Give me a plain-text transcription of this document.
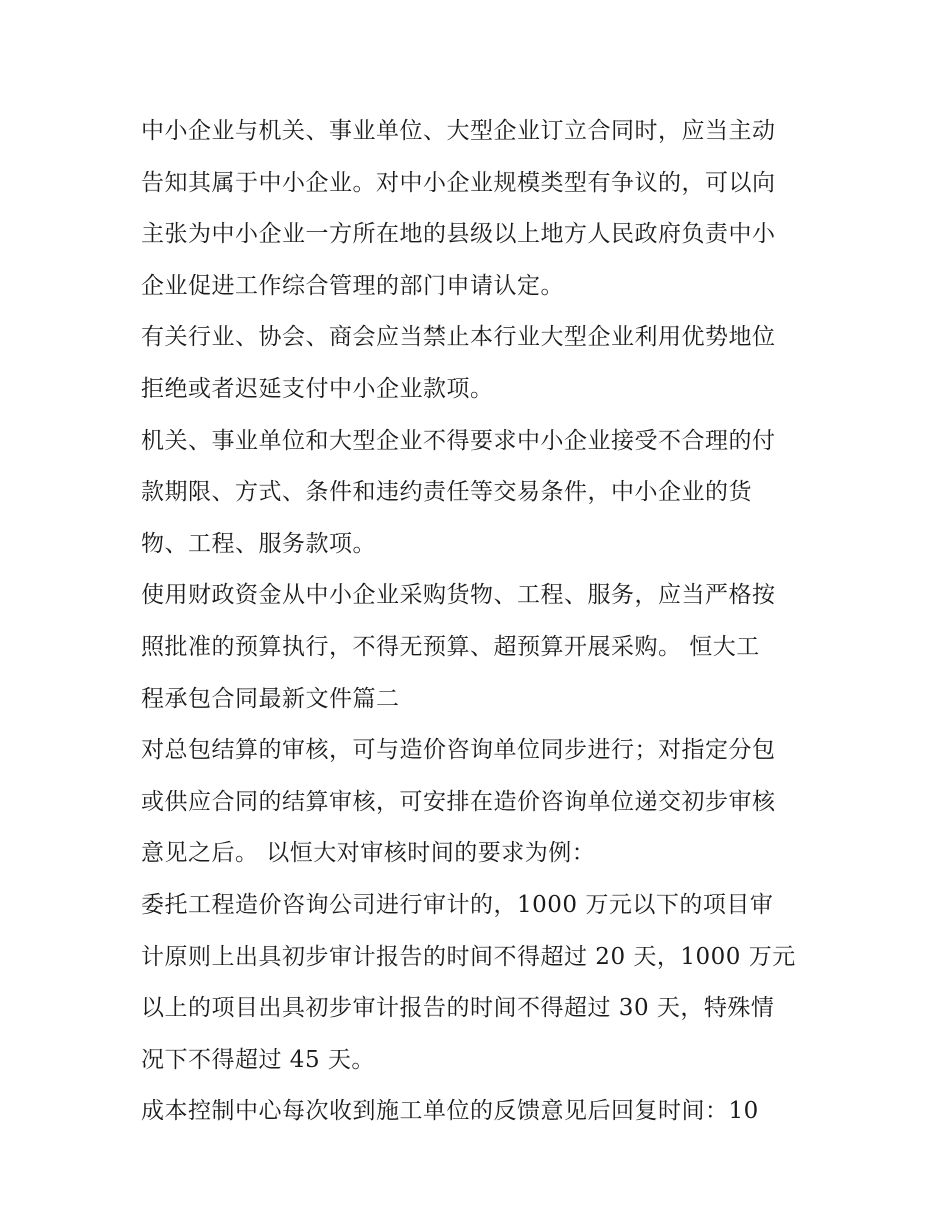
中小企业与机关、事业单位、大型企业订立合同时，应当主动
告知其属于中小企业。对中小企业规模类型有争议的，可以向
主张为中小企业一方所在地的县级以上地方人民政府负责中小
企业促进工作综合管理的部门申请认定。
有关行业、协会、商会应当禁止本行业大型企业利用优势地位
拒绝或者迟延支付中小企业款项。
机关、事业单位和大型企业不得要求中小企业接受不合理的付
款期限、方式、条件和违约责任等交易条件，中小企业的货
物、工程、服务款项。
使用财政资金从中小企业采购货物、工程、服务，应当严格按
照批准的预算执行，不得无预算、超预算开展采购。 恒大工
程承包合同最新文件篇二
对总包结算的审核，可与造价咨询单位同步进行；对指定分包
或供应合同的结算审核，可安排在造价咨询单位递交初步审核
意见之后。 以恒大对审核时间的要求为例：
委托工程造价咨询公司进行审计的，1000 万元以下的项目审
计原则上出具初步审计报告的时间不得超过 20 天，1000 万元
以上的项目出具初步审计报告的时间不得超过 30 天，特殊情
况下不得超过 45 天。
成本控制中心每次收到施工单位的反馈意见后回复时间：10
